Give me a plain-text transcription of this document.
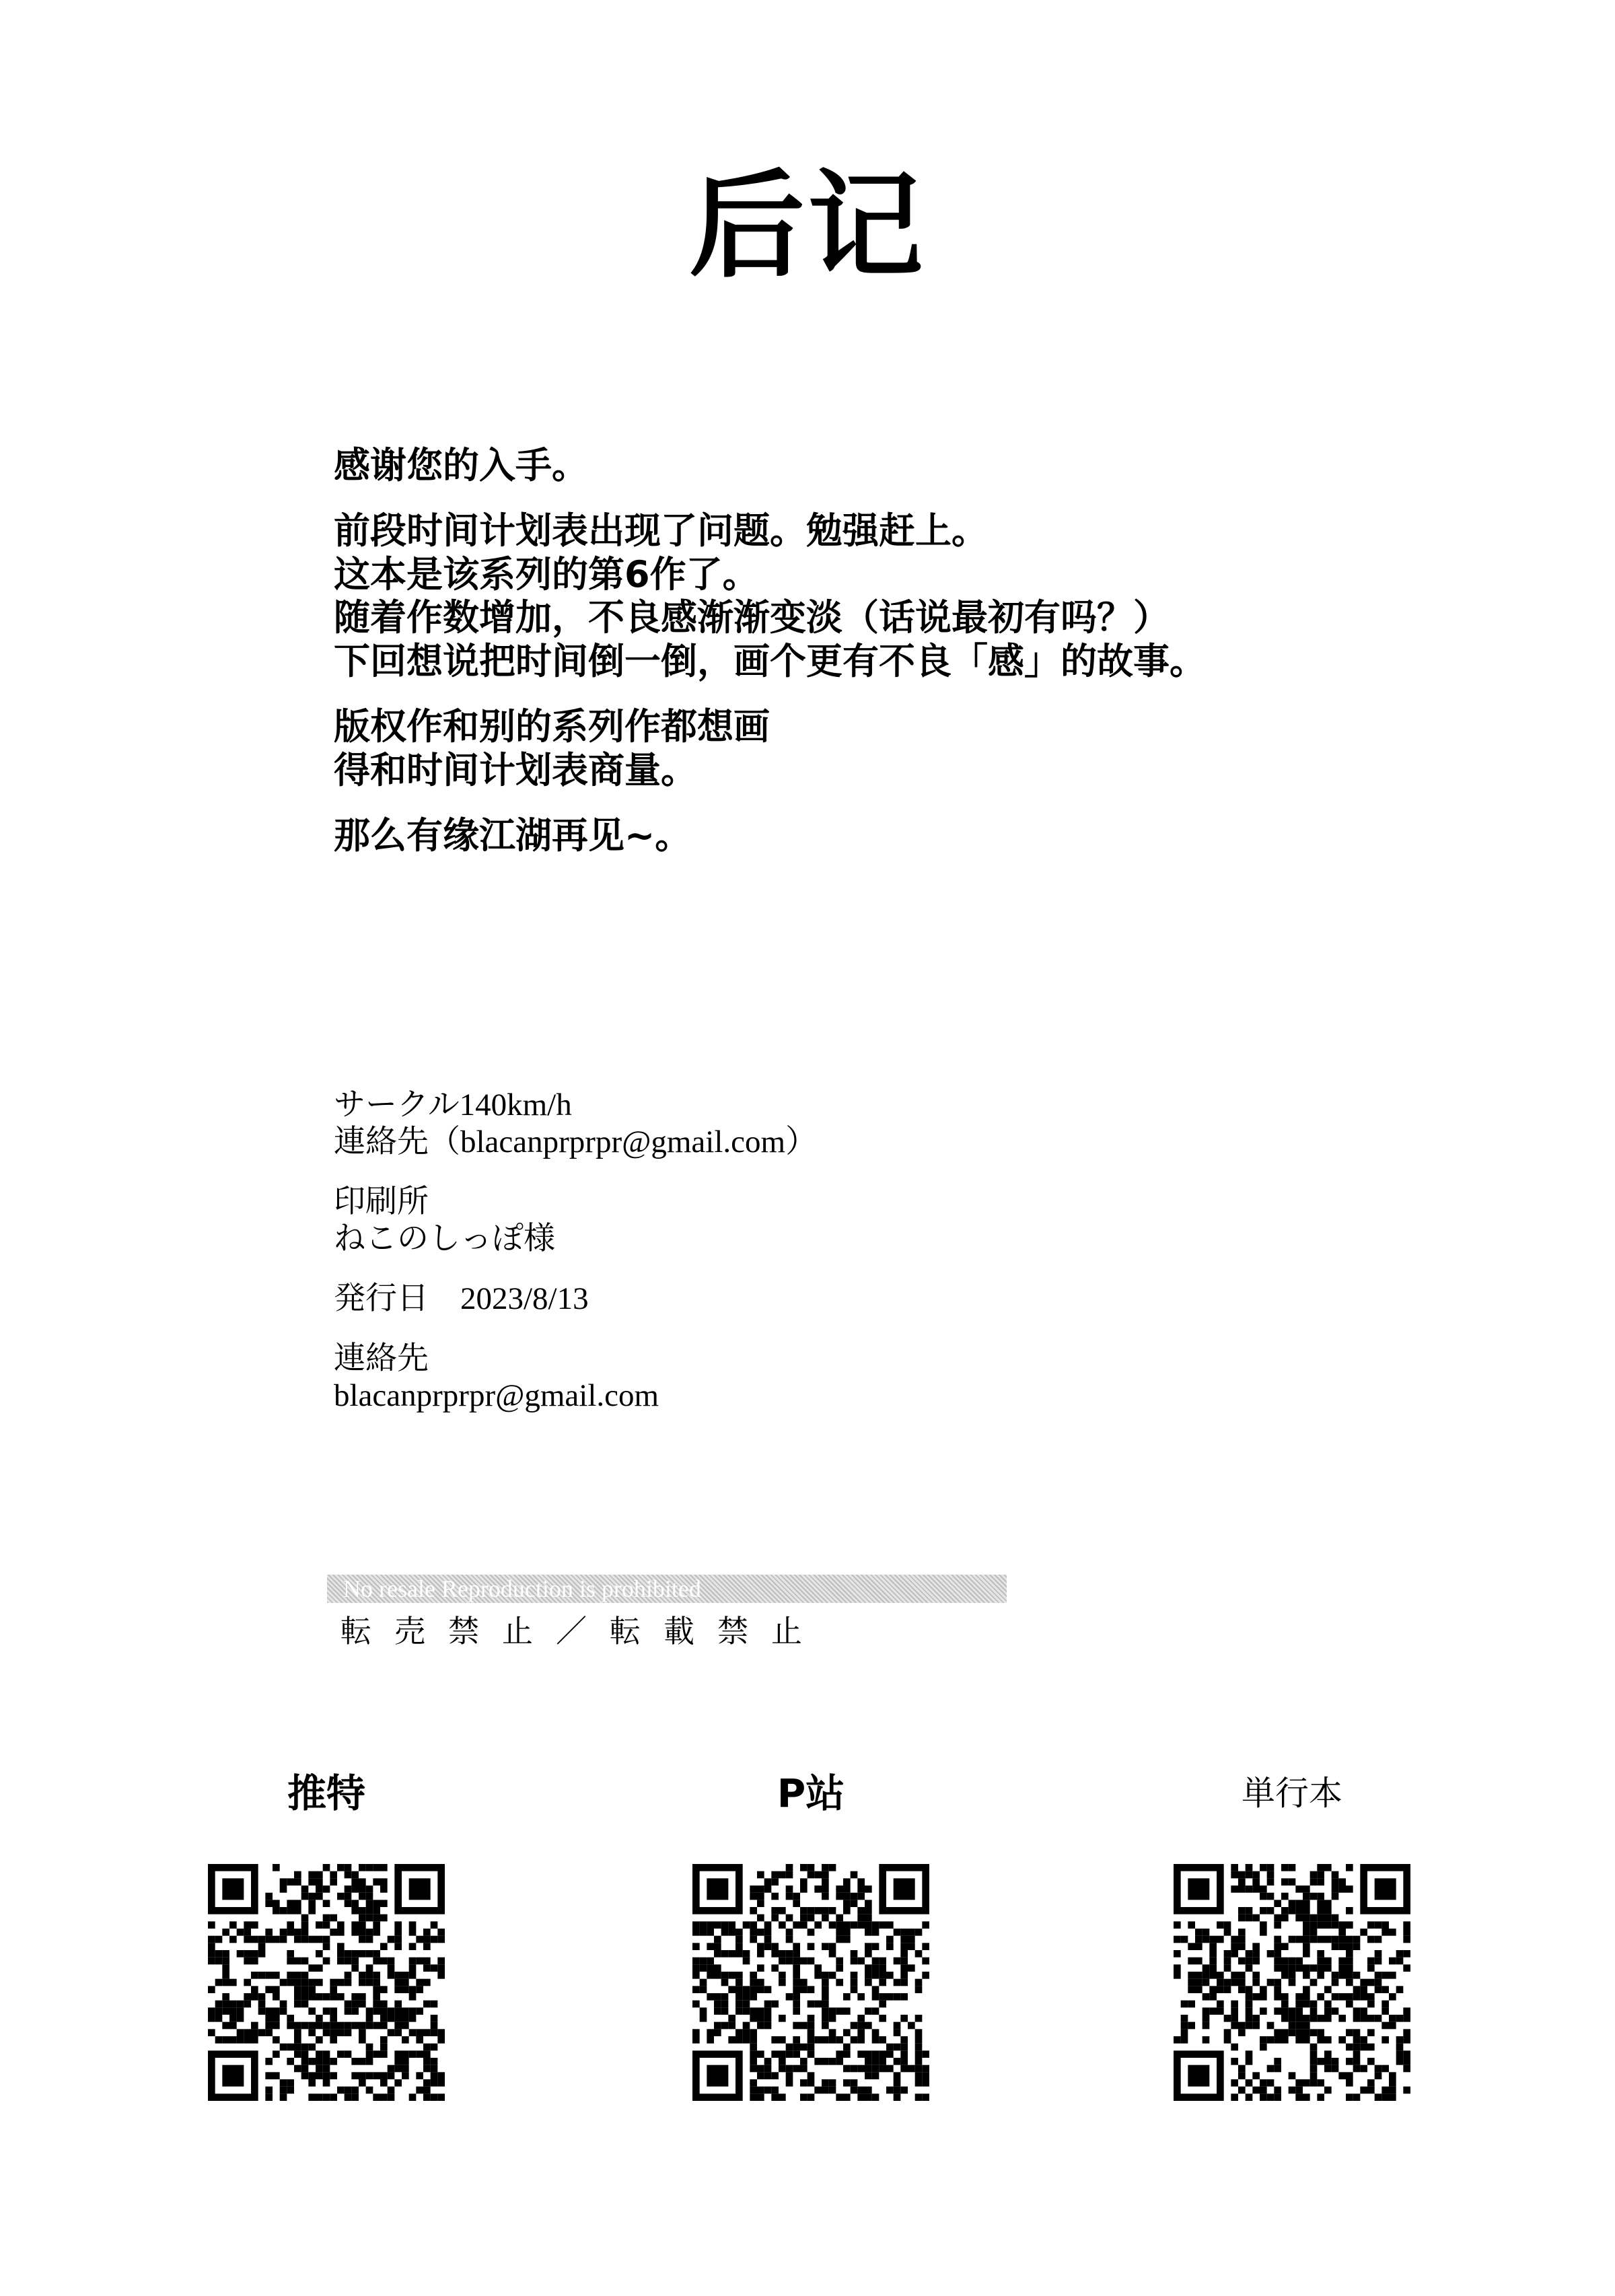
后记
感谢您的入手。
前段时间计划表出现了问题。勉强赶上。
这本是该系列的第6作了。
随着作数增加，不良感渐渐变淡（话说最初有吗？）
下回想说把时间倒一倒，画个更有不良「感」的故事。
版权作和别的系列作都想画
得和时间计划表商量。
那么有缘江湖再见~。
サークル140km/h
連絡先（blacanprprpr@gmail.com）
印刷所
ねこのしっぽ様
発行日　2023/8/13
連絡先
blacanprprpr@gmail.com
No resale Reproduction is prohibited
転売禁止／転載禁止
推特	P站	単行本
